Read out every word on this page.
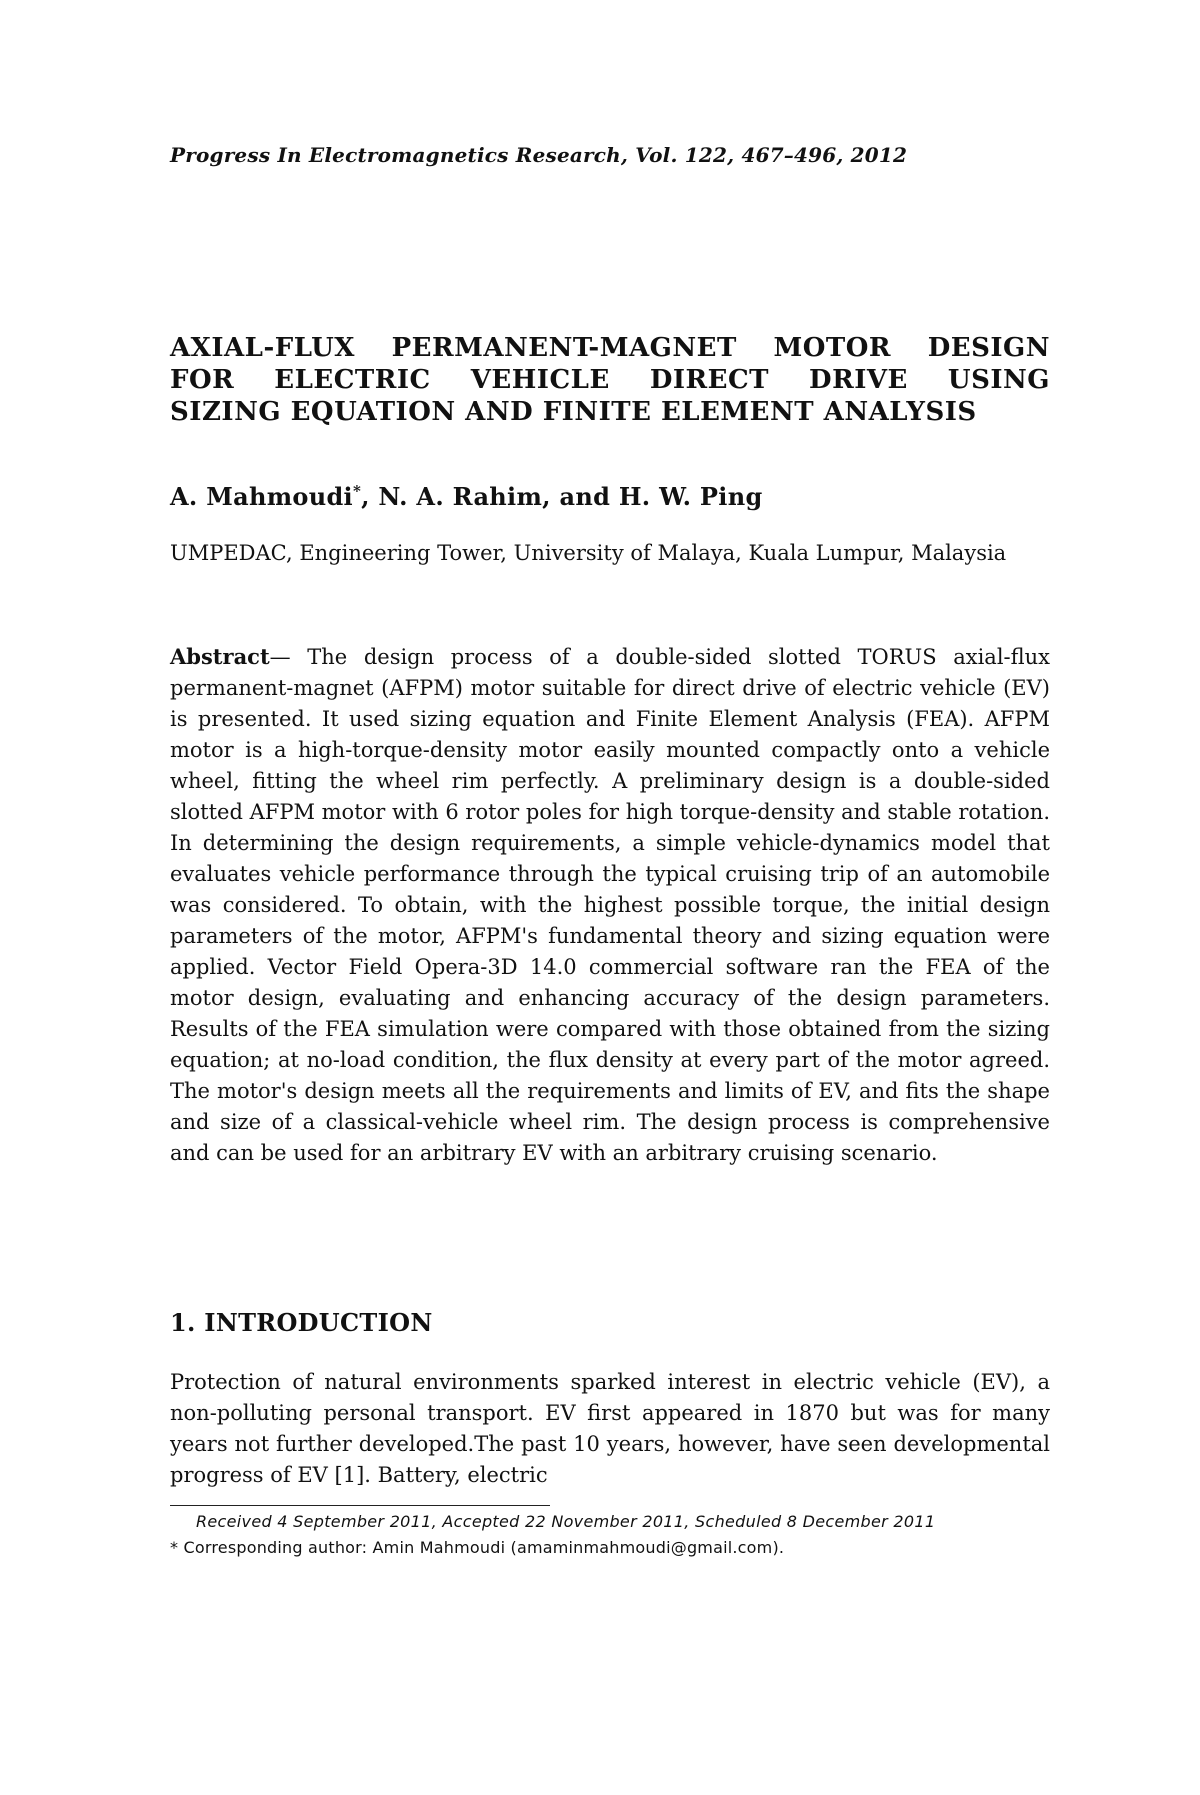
Progress In Electromagnetics Research, Vol. 122, 467–496, 2012
AXIAL-FLUX PERMANENT-MAGNET MOTOR DESIGN
FOR ELECTRIC VEHICLE DIRECT DRIVE USING
SIZING EQUATION AND FINITE ELEMENT ANALYSIS
A. Mahmoudi*, N. A. Rahim, and H. W. Ping
UMPEDAC, Engineering Tower, University of Malaya, Kuala Lumpur, Malaysia
Abstract— The design process of a double-sided slotted TORUS axial-flux permanent-magnet (AFPM) motor suitable for direct drive of electric vehicle (EV) is presented. It used sizing equation and Finite Element Analysis (FEA). AFPM motor is a high-torque-density motor easily mounted compactly onto a vehicle wheel, fitting the wheel rim perfectly. A preliminary design is a double-sided slotted AFPM motor with 6 rotor poles for high torque-density and stable rotation. In determining the design requirements, a simple vehicle-dynamics model that evaluates vehicle performance through the typical cruising trip of an automobile was considered. To obtain, with the highest possible torque, the initial design parameters of the motor, AFPM's fundamental theory and sizing equation were applied. Vector Field Opera-3D 14.0 commercial software ran the FEA of the motor design, evaluating and enhancing accuracy of the design parameters. Results of the FEA simulation were compared with those obtained from the sizing equation; at no-load condition, the flux density at every part of the motor agreed. The motor's design meets all the requirements and limits of EV, and fits the shape and size of a classical-vehicle wheel rim. The design process is comprehensive and can be used for an arbitrary EV with an arbitrary cruising scenario.
1. INTRODUCTION
Protection of natural environments sparked interest in electric vehicle (EV), a non-polluting personal transport. EV first appeared in 1870 but was for many years not further developed.The past 10 years, however, have seen developmental progress of EV [1]. Battery, electric
Received 4 September 2011, Accepted 22 November 2011, Scheduled 8 December 2011
* Corresponding author: Amin Mahmoudi (amaminmahmoudi@gmail.com).
